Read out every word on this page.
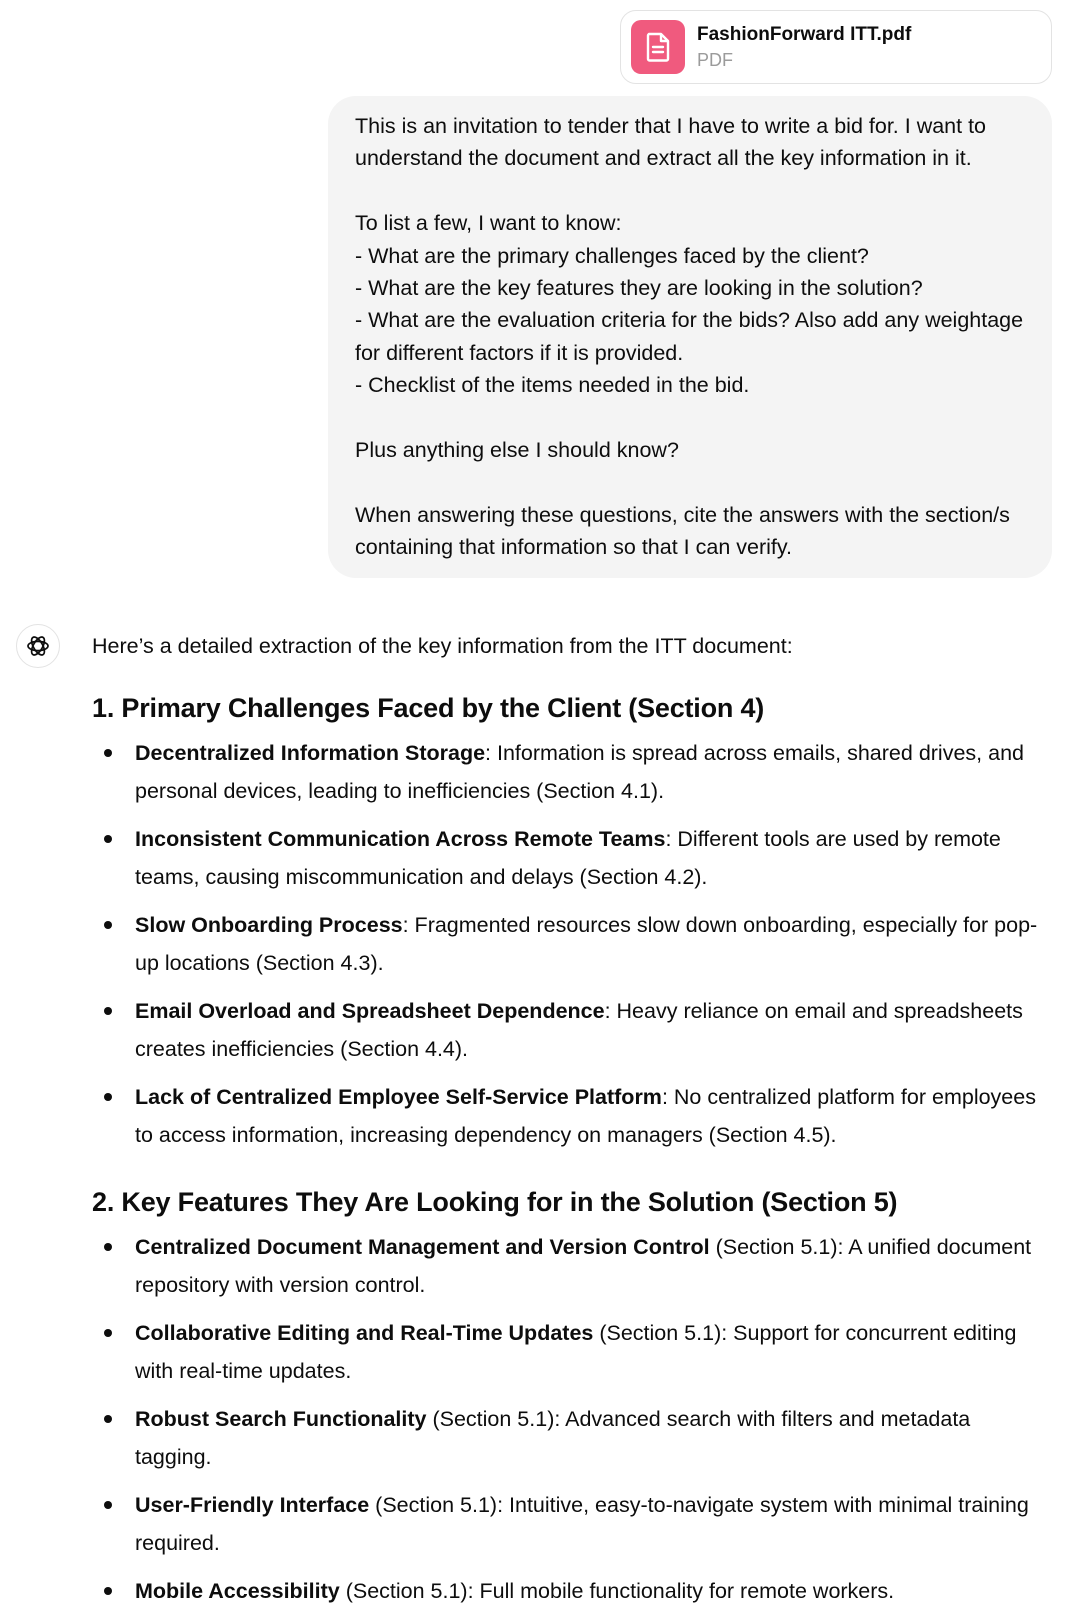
FashionForward ITT.pdf
PDF
This is an invitation to tender that I have to write a bid for. I want to understand the document and extract all the key information in it.

To list a few, I want to know:
- What are the primary challenges faced by the client?
- What are the key features they are looking in the solution?
- What are the evaluation criteria for the bids? Also add any weightage for different factors if it is provided.
- Checklist of the items needed in the bid.

Plus anything else I should know?

When answering these questions, cite the answers with the section/s containing that information so that I can verify.

Here’s a detailed extraction of the key information from the ITT document:

1. Primary Challenges Faced by the Client (Section 4)
Decentralized Information Storage: Information is spread across emails, shared drives, and personal devices, leading to inefficiencies (Section 4.1).
Inconsistent Communication Across Remote Teams: Different tools are used by remote teams, causing miscommunication and delays (Section 4.2).
Slow Onboarding Process: Fragmented resources slow down onboarding, especially for pop-up locations (Section 4.3).
Email Overload and Spreadsheet Dependence: Heavy reliance on email and spreadsheets creates inefficiencies (Section 4.4).
Lack of Centralized Employee Self-Service Platform: No centralized platform for employees to access information, increasing dependency on managers (Section 4.5).
2. Key Features They Are Looking for in the Solution (Section 5)
Centralized Document Management and Version Control (Section 5.1): A unified document repository with version control.
Collaborative Editing and Real-Time Updates (Section 5.1): Support for concurrent editing with real-time updates.
Robust Search Functionality (Section 5.1): Advanced search with filters and metadata tagging.
User-Friendly Interface (Section 5.1): Intuitive, easy-to-navigate system with minimal training required.
Mobile Accessibility (Section 5.1): Full mobile functionality for remote workers.
